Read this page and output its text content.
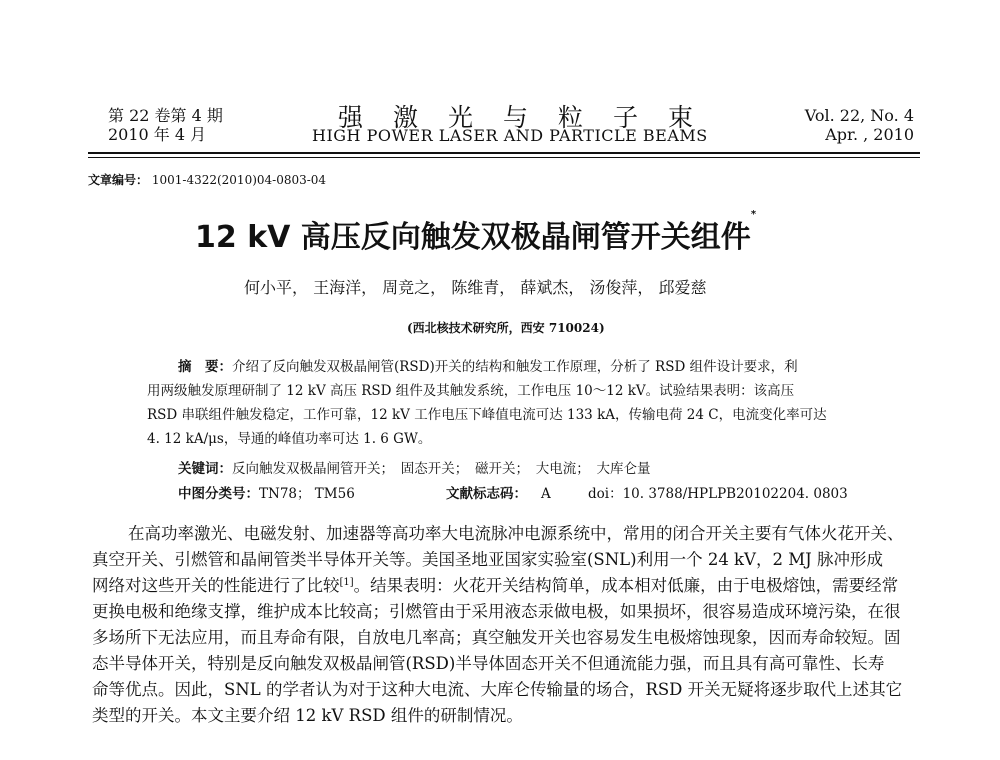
第 22 卷第 4 期
2010 年 4 月
强激光与粒子束
HIGH POWER LASER AND PARTICLE BEAMS
Vol. 22, No. 4
Apr. , 2010
文章编号： 1001-4322(2010)04-0803-04
12 kV 高压反向触发双极晶闸管开关组件*
何小平， 王海洋， 周竞之， 陈维青， 薛斌杰， 汤俊萍， 邱爱慈
(西北核技术研究所，西安 710024)
摘　要：介绍了反向触发双极晶闸管(RSD)开关的结构和触发工作原理，分析了 RSD 组件设计要求，利
用两级触发原理研制了 12 kV 高压 RSD 组件及其触发系统，工作电压 10～12 kV。试验结果表明：该高压
RSD 串联组件触发稳定，工作可靠，12 kV 工作电压下峰值电流可达 133 kA，传输电荷 24 C，电流变化率可达
4. 12 kA/μs，导通的峰值功率可达 1. 6 GW。
关键词：反向触发双极晶闸管开关；　固态开关；　磁开关；　大电流；　大库仑量
中图分类号：TN78； TM56	文献标志码： A	doi：10. 3788/HPLPB20102204. 0803
在高功率激光、电磁发射、加速器等高功率大电流脉冲电源系统中，常用的闭合开关主要有气体火花开关、
真空开关、引燃管和晶闸管类半导体开关等。美国圣地亚国家实验室(SNL)利用一个 24 kV，2 MJ 脉冲形成
网络对这些开关的性能进行了比较[1]。结果表明：火花开关结构简单，成本相对低廉，由于电极熔蚀，需要经常
更换电极和绝缘支撑，维护成本比较高；引燃管由于采用液态汞做电极，如果损坏，很容易造成环境污染，在很
多场所下无法应用，而且寿命有限，自放电几率高；真空触发开关也容易发生电极熔蚀现象，因而寿命较短。固
态半导体开关，特别是反向触发双极晶闸管(RSD)半导体固态开关不但通流能力强，而且具有高可靠性、长寿
命等优点。因此，SNL 的学者认为对于这种大电流、大库仑传输量的场合，RSD 开关无疑将逐步取代上述其它
类型的开关。本文主要介绍 12 kV RSD 组件的研制情况。
